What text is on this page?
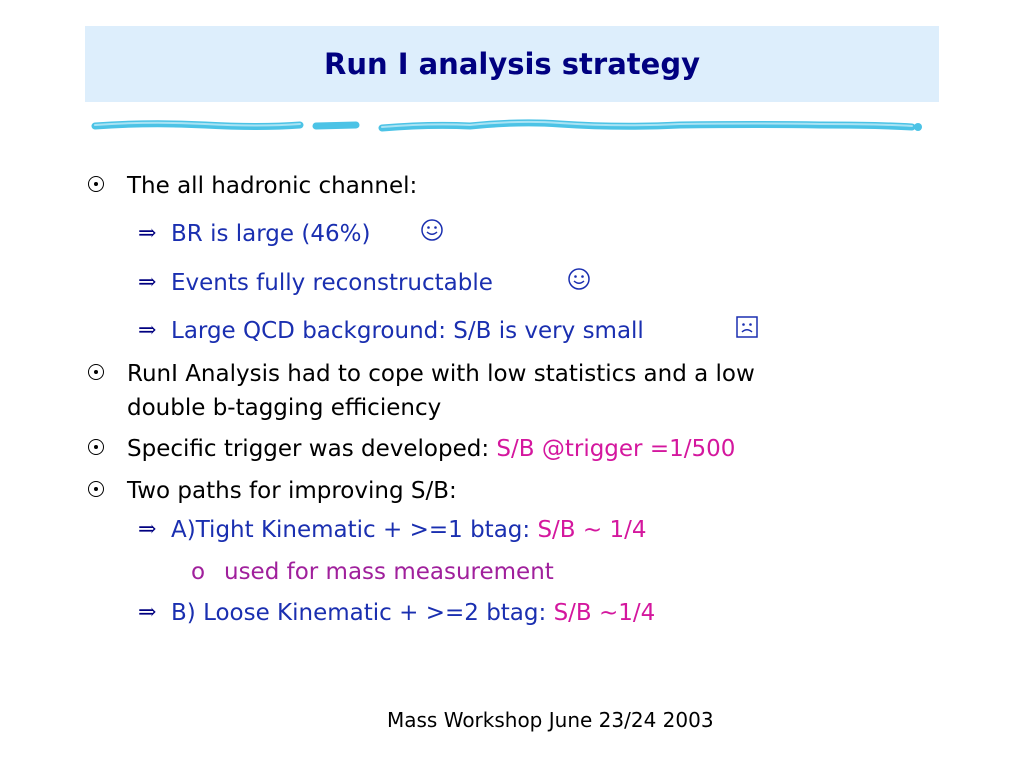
Run I analysis strategy
The all hadronic channel:
⇒ BR is large (46%)
⇒ Events fully reconstructable
⇒ Large QCD background: S/B is very small
RunI Analysis had to cope with low statistics and a low
double b-tagging efficiency
Specific trigger was developed: S/B @trigger =1/500
Two paths for improving S/B:
⇒ A)Tight Kinematic + >=1 btag: S/B ~ 1/4
o used for mass measurement
⇒ B) Loose Kinematic + >=2 btag: S/B ~1/4
Mass Workshop June 23/24 2003
